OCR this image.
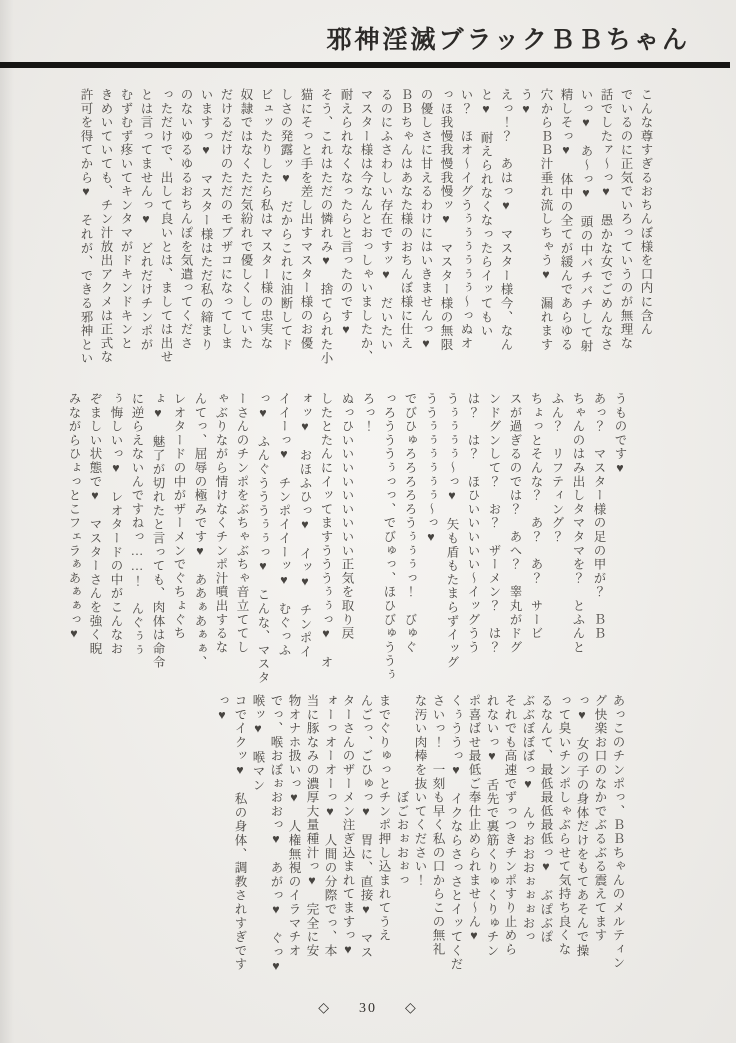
邪神淫滅ブラックＢＢちゃん
こんな尊すぎるおちんぼ様を口内に含ん
でいるのに正気でいろっていうのが無理な
話でしたァ〜っ♥　愚かな女でごめんなさ
いっ♥　あ〜っ♥　頭の中バチバチして射
精しそっ♥　体中の全てが緩んであらゆる
穴からＢＢ汁垂れ流しちゃう♥　漏れます
う♥
えっ！？　あはっ♥　マスター様今、なん
と♥　耐えられなくなったらイッてもい
い？　ほオ〜イグうぅぅぅぅぅぅ〜っぬオ
っほ我慢我慢我慢ッ♥　マスター様の無限
の優しさに甘えるわけにはいきませんっ♥
ＢＢちゃんはあなた様のおちんぼ様に仕え
るのにふさわしい存在ですッ♥　だいたい
マスター様は今なんとおっしゃいましたか、
耐えられなくなったらと言ったのです♥
そう、これはただの憐れみ♥　捨てられた小
猫にそっと手を差し出すマスター様のお優
しさの発露ッ♥　だからこれに油断してド
ビュッたりしたら私はマスター様の忠実な
奴隷ではなくただ気紛れで優しくしていた
だけるだけのただのモブザコになってしま
いますっ♥　マスター様はただ私の締まり
のないゆるゆるおちんぽを気遣ってくださ
っただけで、出して良いとは、ましては出せ
とは言ってませんっ♥　どれだけチンポが
むずむず疼いてキンタマがドキンドキンと
きめいていても、チン汁放出アクメは正式な
許可を得てから♥　それが、できる邪神とい
うものです♥
あっ？　マスター様の足の甲が？　ＢＢ
ちゃんのはみ出しタマタマを？　とふんと
ふん？　リフティング？
ちょっとそんな？　あ？　あ？　サービ
スが過ぎるのでは？　あへ？　睾丸がドグ
ンドグンして？　お？　ザーメン？　は？
は？　は？　ほひいいいいい〜イッグうう
うぅぅぅぅ〜っ♥　矢も盾もたまらずイッグ
ううぅぅぅぅぅぅ〜っ♥
でびひゅろろろろろうぅぅぅっ！　びゅぐ
っろうううぅっっ、でびゅっ、ほひびゅううぅ
ろっ！
ぬっひいいいいいいいいい正気を取り戻
したとたんにイッてますうううぅぅっ♥　オ
ォッ♥　おほふひっ♥　イッ♥　チンポイ
イイーっ♥　チンポイイーッ♥　むぐっふ
っ♥　ふんぐうううぅぅっ♥　こんな、マスタ
ーさんのチンポをぶちゃぶちゃ音立ててし
ゃぶりながら情けなくチンポ汁噴出するな
んてっ、屈辱の極みです♥　ああぁあぁぁ、
レオタードの中がザーメンでぐちょぐち
ょ♥　魅了が切れたと言っても、肉体は命令
に逆らえないんですねっ……！　んぐぅぅ
ぅ悔しいっ♥　レオタードの中がこんなお
ぞましい状態で♥　マスターさんを強く睨
みながらひょっとこフェラぁあぁぁっ♥
あっこのチンポっ、ＢＢちゃんのメルティン
グ快楽お口のなかでぶるぶる震えてます
っ♥　女の子の身体だけをもてあそんで操
って臭いチンポしゃぶらせて気持ち良くな
るなんて、最低最低最低っ♥　ぶぽぶぽ
ぶぶぼぼぼっ♥　んゥおおおぉぉぉおっ
それでも高速でずっつきチンポすり止めら
れないっ♥　舌先で裏筋くりゅくりゅチン
ポ喜ばせ最低ご奉仕止められませ〜ん♥
くぅううっ♥　イクならさっさとイッてくだ
さいっ！　一刻も早く私の口からこの無礼
な汚い肉棒を抜いてください！
　　　　　　　ぼごおぉおぉっ
までぐりゅっとチンポ押し込まれてうえ
んごっ、ごひゅっ♥　胃に、直接♥　マス
ターさんのザーメン注ぎ込まれてますっ♥
ォーっオーオーっ♥　人間の分際でっ、本
当に豚なみの濃厚大量種汁っ♥　完全に安
物オナホ扱いっ♥　人権無視のイラマチオ
でっ、喉おぼぉおおっ♥　あがっ♥　ぐっ♥
喉ッ♥　喉マン
コでイクッ♥　私の身体、調教されすぎです
っ♥
◇ 30 ◇
